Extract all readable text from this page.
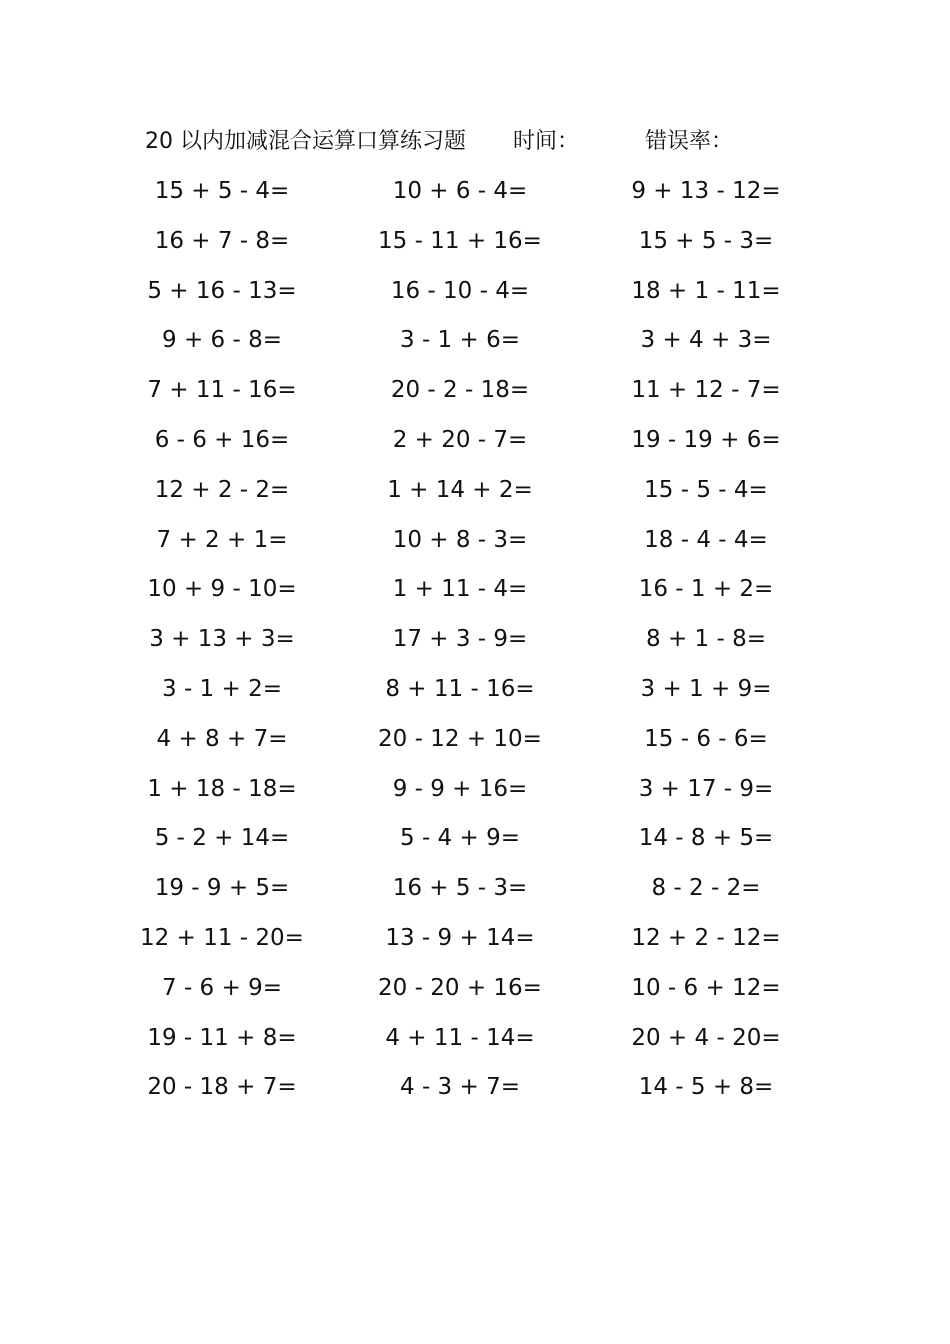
20 以内加减混合运算口算练习题 时间：	错误率：
15 + 5 - 4=	10 + 6 - 4=	9 + 13 - 12=
16 + 7 - 8=	15 - 11 + 16=	15 + 5 - 3=
5 + 16 - 13=	16 - 10 - 4=	18 + 1 - 11=
9 + 6 - 8=	3 - 1 + 6=	3 + 4 + 3=
7 + 11 - 16=	20 - 2 - 18=	11 + 12 - 7=
6 - 6 + 16=	2 + 20 - 7=	19 - 19 + 6=
12 + 2 - 2=	1 + 14 + 2=	15 - 5 - 4=
7 + 2 + 1=	10 + 8 - 3=	18 - 4 - 4=
10 + 9 - 10=	1 + 11 - 4=	16 - 1 + 2=
3 + 13 + 3=	17 + 3 - 9=	8 + 1 - 8=
3 - 1 + 2=	8 + 11 - 16=	3 + 1 + 9=
4 + 8 + 7=	20 - 12 + 10=	15 - 6 - 6=
1 + 18 - 18=	9 - 9 + 16=	3 + 17 - 9=
5 - 2 + 14=	5 - 4 + 9=	14 - 8 + 5=
19 - 9 + 5=	16 + 5 - 3=	8 - 2 - 2=
12 + 11 - 20=	13 - 9 + 14=	12 + 2 - 12=
7 - 6 + 9=	20 - 20 + 16=	10 - 6 + 12=
19 - 11 + 8=	4 + 11 - 14=	20 + 4 - 20=
20 - 18 + 7=	4 - 3 + 7=	14 - 5 + 8=
